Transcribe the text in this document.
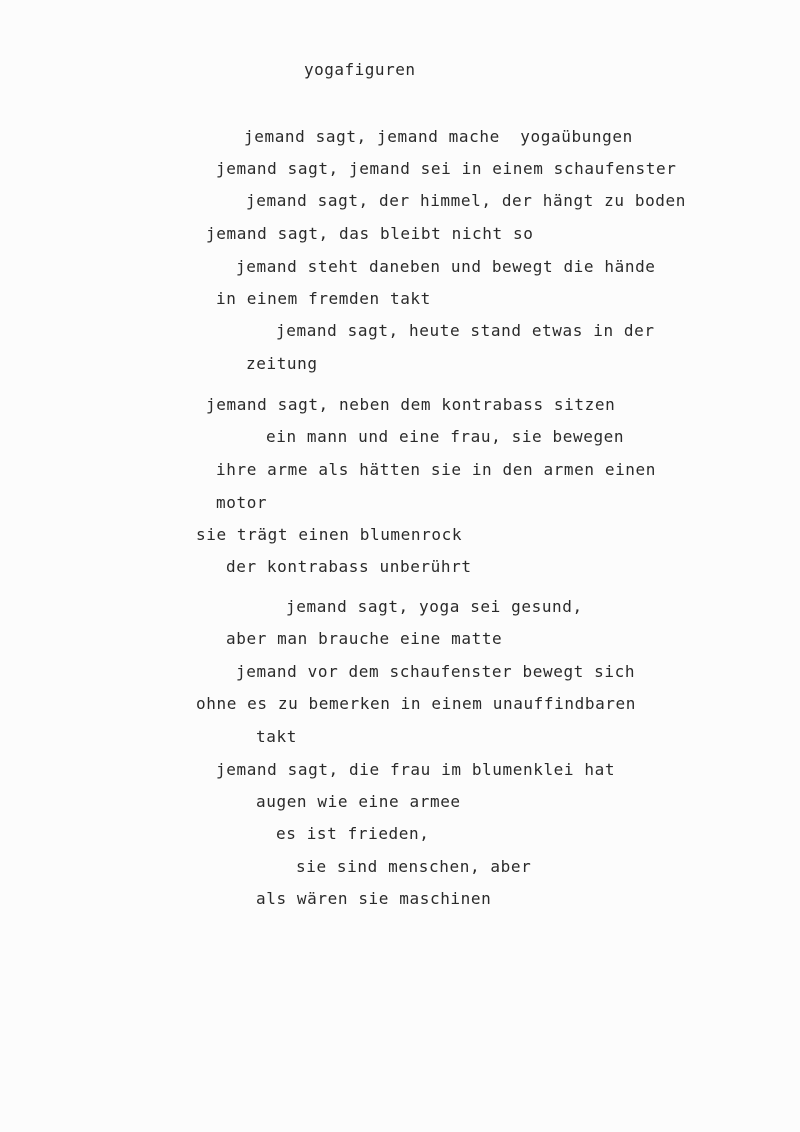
yogafiguren
jemand sagt, jemand mache  yogaübungen
jemand sagt, jemand sei in einem schaufenster
jemand sagt, der himmel, der hängt zu boden
jemand sagt, das bleibt nicht so
jemand steht daneben und bewegt die hände
in einem fremden takt
jemand sagt, heute stand etwas in der
zeitung
jemand sagt, neben dem kontrabass sitzen
ein mann und eine frau, sie bewegen
ihre arme als hätten sie in den armen einen
motor
sie trägt einen blumenrock
der kontrabass unberührt
jemand sagt, yoga sei gesund,
aber man brauche eine matte
jemand vor dem schaufenster bewegt sich
ohne es zu bemerken in einem unauffindbaren
takt
jemand sagt, die frau im blumenklei hat
augen wie eine armee
es ist frieden,
sie sind menschen, aber
als wären sie maschinen
